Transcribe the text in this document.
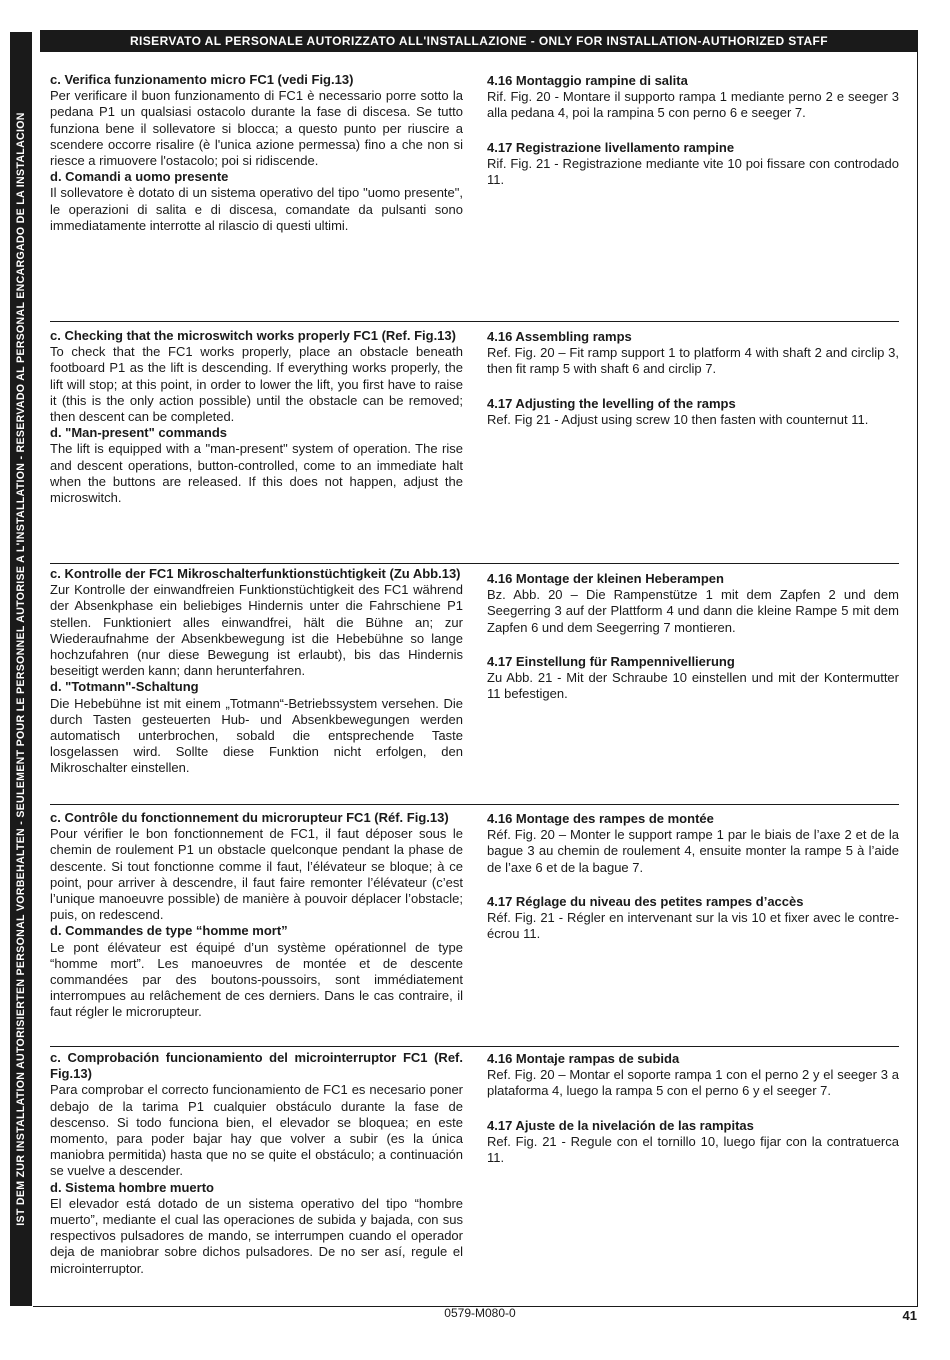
IST DEM ZUR INSTALLATION AUTORISIERTEN PERSONAL VORBEHALTEN - SEULEMENT POUR LE PERSONNEL AUTORISE A L'INSTALLATION - RESERVADO AL PERSONAL ENCARGADO DE LA INSTALACION
RISERVATO AL PERSONALE AUTORIZZATO ALL'INSTALLAZIONE - ONLY FOR INSTALLATION-AUTHORIZED STAFF
c. Verifica funzionamento micro FC1 (vedi Fig.13)
Per verificare il buon funzionamento di FC1 è necessario porre sotto la pedana P1 un qualsiasi ostacolo durante la fase di discesa. Se tutto funziona bene il sollevatore si blocca; a questo punto per riuscire a scendere occorre risalire (è l'unica azione permessa) fino a che non si riesce a rimuovere l'ostacolo; poi si ridiscende.
d. Comandi a uomo presente
Il sollevatore è dotato di un sistema operativo del tipo "uomo presente", le operazioni di salita e di discesa, comandate da pulsanti sono immediatamente interrotte al rilascio di questi ultimi.
4.16 Montaggio rampine di salita
Rif. Fig. 20 - Montare il supporto rampa 1 mediante perno 2 e seeger 3 alla pedana 4, poi la rampina 5 con perno 6 e seeger 7.
4.17 Registrazione livellamento rampine
Rif. Fig. 21 - Registrazione mediante vite 10 poi fissare con controdado 11.
c. Checking that the microswitch works properly FC1 (Ref. Fig.13)
To check that the FC1 works properly, place an obstacle beneath footboard P1 as the lift is descending. If everything works properly, the lift will stop; at this point, in order to lower the lift, you first have to raise it (this is the only action possible) until the obstacle can be removed; then descent can be completed.
d. "Man-present" commands
The lift is equipped with a "man-present" system of operation. The rise and descent operations, button-controlled, come to an immediate halt when the buttons are released. If this does not happen, adjust the microswitch.
4.16 Assembling ramps
Ref. Fig. 20 – Fit ramp support 1 to platform 4 with shaft 2 and circlip 3, then fit ramp 5 with shaft 6 and circlip 7.
4.17 Adjusting the levelling of the ramps
Ref. Fig 21 - Adjust using screw 10 then fasten with counternut 11.
c. Kontrolle der FC1 Mikroschalterfunktionstüchtigkeit (Zu Abb.13)
Zur Kontrolle der einwandfreien Funktionstüchtigkeit des FC1 während der Absenkphase ein beliebiges Hindernis unter die Fahrschiene P1 stellen. Funktioniert alles einwandfrei, hält die Bühne an; zur Wiederaufnahme der Absenkbewegung ist die Hebebühne so lange hochzufahren (nur diese Bewegung ist erlaubt), bis das Hindernis beseitigt werden kann; dann herunterfahren.
d. "Totmann"-Schaltung
Die Hebebühne ist mit einem „Totmann“-Betriebssystem versehen. Die durch Tasten gesteuerten Hub- und Absenkbewegungen werden automatisch unterbrochen, sobald die entsprechende Taste losgelassen wird. Sollte diese Funktion nicht erfolgen, den Mikroschalter einstellen.
4.16 Montage der kleinen Heberampen
Bz. Abb. 20 – Die Rampenstütze 1 mit dem Zapfen 2 und dem Seegerring 3 auf der Plattform 4 und dann die kleine Rampe 5 mit dem Zapfen 6 und dem Seegerring 7 montieren.
4.17 Einstellung für Rampennivellierung
Zu Abb. 21 - Mit der Schraube 10 einstellen und mit der Kontermutter 11 befestigen.
c. Contrôle du fonctionnement du microrupteur FC1 (Réf. Fig.13)
Pour vérifier le bon fonctionnement de FC1, il faut déposer sous le chemin de roulement P1 un obstacle quelconque pendant la phase de descente. Si tout fonctionne comme il faut, l’élévateur se bloque; à ce point, pour arriver à descendre, il faut faire remonter l’élévateur (c’est l’unique manoeuvre possible) de manière à pouvoir déplacer l’obstacle; puis, on redescend.
d. Commandes de type “homme mort”
Le pont élévateur est équipé d’un système opérationnel de type “homme mort”. Les manoeuvres de montée et de descente commandées par des boutons-poussoirs, sont immédiatement interrompues au relâchement de ces derniers. Dans le cas contraire, il faut régler le microrupteur.
4.16 Montage des rampes de montée
Réf. Fig. 20 – Monter le support rampe 1 par le biais de l’axe 2 et de la bague 3 au chemin de roulement 4, ensuite monter la rampe 5 à l’aide de l’axe 6 et de la bague 7.
4.17 Réglage du niveau des petites rampes d’accès
Réf. Fig. 21 - Régler en intervenant sur la vis 10 et fixer avec le contre-écrou 11.
c. Comprobación funcionamiento del microinterruptor FC1 (Ref. Fig.13)
Para comprobar el correcto funcionamiento de FC1 es necesario poner debajo de la tarima P1 cualquier obstáculo durante la fase de descenso. Si todo funciona bien, el elevador se bloquea; en este momento, para poder bajar hay que volver a subir (es la única maniobra permitida) hasta que no se quite el obstáculo; a continuación se vuelve a descender.
d. Sistema hombre muerto
El elevador está dotado de un sistema operativo del tipo “hombre muerto”, mediante el cual las operaciones de subida y bajada, con sus respectivos pulsadores de mando, se interrumpen cuando el operador deja de maniobrar sobre dichos pulsadores. De no ser así, regule el microinterruptor.
4.16 Montaje rampas de subida
Ref. Fig. 20 – Montar el soporte rampa 1 con el perno 2 y el seeger 3 a plataforma 4, luego la rampa 5 con el perno 6 y el seeger 7.
4.17 Ajuste de la nivelación de las rampitas
Ref. Fig. 21 - Regule con el tornillo 10, luego fijar con la contratuerca 11.
0579-M080-0	41
